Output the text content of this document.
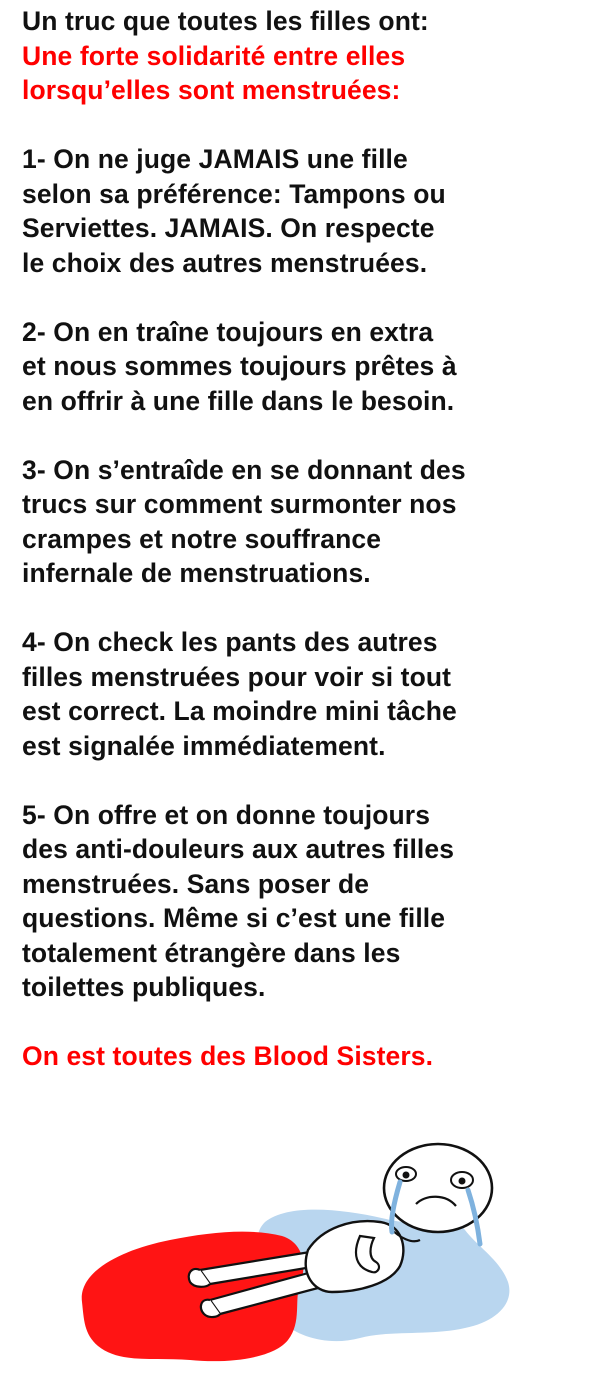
Un truc que toutes les filles ont:
Une forte solidarité entre elles
lorsqu’elles sont menstruées:
1- On ne juge JAMAIS une fille
selon sa préférence: Tampons ou
Serviettes. JAMAIS. On respecte
le choix des autres menstruées.
2- On en traîne toujours en extra
et nous sommes toujours prêtes à
en offrir à une fille dans le besoin.
3- On s’entraîde en se donnant des
trucs sur comment surmonter nos
crampes et notre souffrance
infernale de menstruations.
4- On check les pants des autres
filles menstruées pour voir si tout
est correct. La moindre mini tâche
est signalée immédiatement.
5- On offre et on donne toujours
des anti-douleurs aux autres filles
menstruées. Sans poser de
questions. Même si c’est une fille
totalement étrangère dans les
toilettes publiques.
On est toutes des Blood Sisters.
